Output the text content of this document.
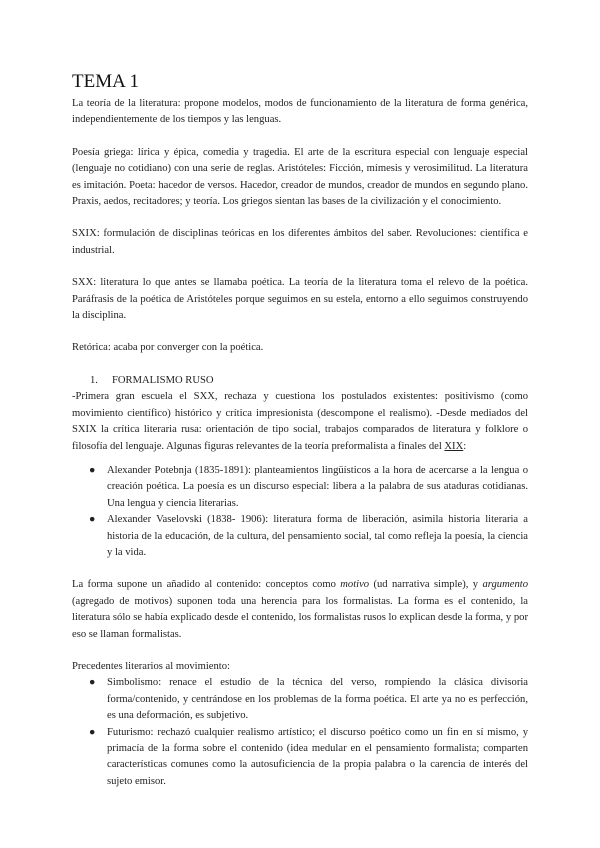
TEMA 1

La teoría de la literatura: propone modelos, modos de funcionamiento de la literatura de forma genérica, independientemente de los tiempos y las lenguas.

Poesía griega: lírica y épica, comedia y tragedia. El arte de la escritura especial con lenguaje especial (lenguaje no cotidiano) con una serie de reglas. Aristóteles: Ficción, mímesis y verosimilitud. La literatura es imitación. Poeta: hacedor de versos. Hacedor, creador de mundos, creador de mundos en segundo plano. Praxis, aedos, recitadores; y teoría. Los griegos sientan las bases de la civilización y el conocimiento.

SXIX: formulación de disciplinas teóricas en los diferentes ámbitos del saber. Revoluciones: científica e industrial.

SXX: literatura lo que antes se llamaba poética. La teoría de la literatura toma el relevo de la poética. Paráfrasis de la poética de Aristóteles porque seguimos en su estela, entorno a ello seguimos construyendo la disciplina.

Retórica: acaba por converger con la poética.

1.	FORMALISMO RUSO

-Primera gran escuela el SXX, rechaza y cuestiona los postulados existentes: positivismo (como movimiento científico) histórico y crítica impresionista (descompone el realismo). -Desde mediados del SXIX la crítica literaria rusa: orientación de tipo social, trabajos comparados de literatura y folklore o filosofía del lenguaje. Algunas figuras relevantes de la teoría preformalista a finales del XIX:

● Alexander Potebnja (1835-1891): planteamientos lingüísticos a la hora de acercarse a la lengua o creación poética. La poesía es un discurso especial: libera a la palabra de sus ataduras cotidianas. Una lengua y ciencia literarias.
● Alexander Vaselovski (1838- 1906): literatura forma de liberación, asimila historia literaria a historia de la educación, de la cultura, del pensamiento social, tal como refleja la poesía, la ciencia y la vida.

La forma supone un añadido al contenido: conceptos como motivo (ud narrativa simple), y argumento (agregado de motivos) suponen toda una herencia para los formalistas. La forma es el contenido, la literatura sólo se había explicado desde el contenido, los formalistas rusos lo explican desde la forma, y por eso se llaman formalistas.

Precedentes literarios al movimiento:

● Simbolismo: renace el estudio de la técnica del verso, rompiendo la clásica divisoria forma/contenido, y centrándose en los problemas de la forma poética. El arte ya no es perfección, es una deformación, es subjetivo.
● Futurismo: rechazó cualquier realismo artístico; el discurso poético como un fin en sí mismo, y primacía de la forma sobre el contenido (idea medular en el pensamiento formalista; comparten características comunes como la autosuficiencia de la propia palabra o la carencia de interés del sujeto emisor.
